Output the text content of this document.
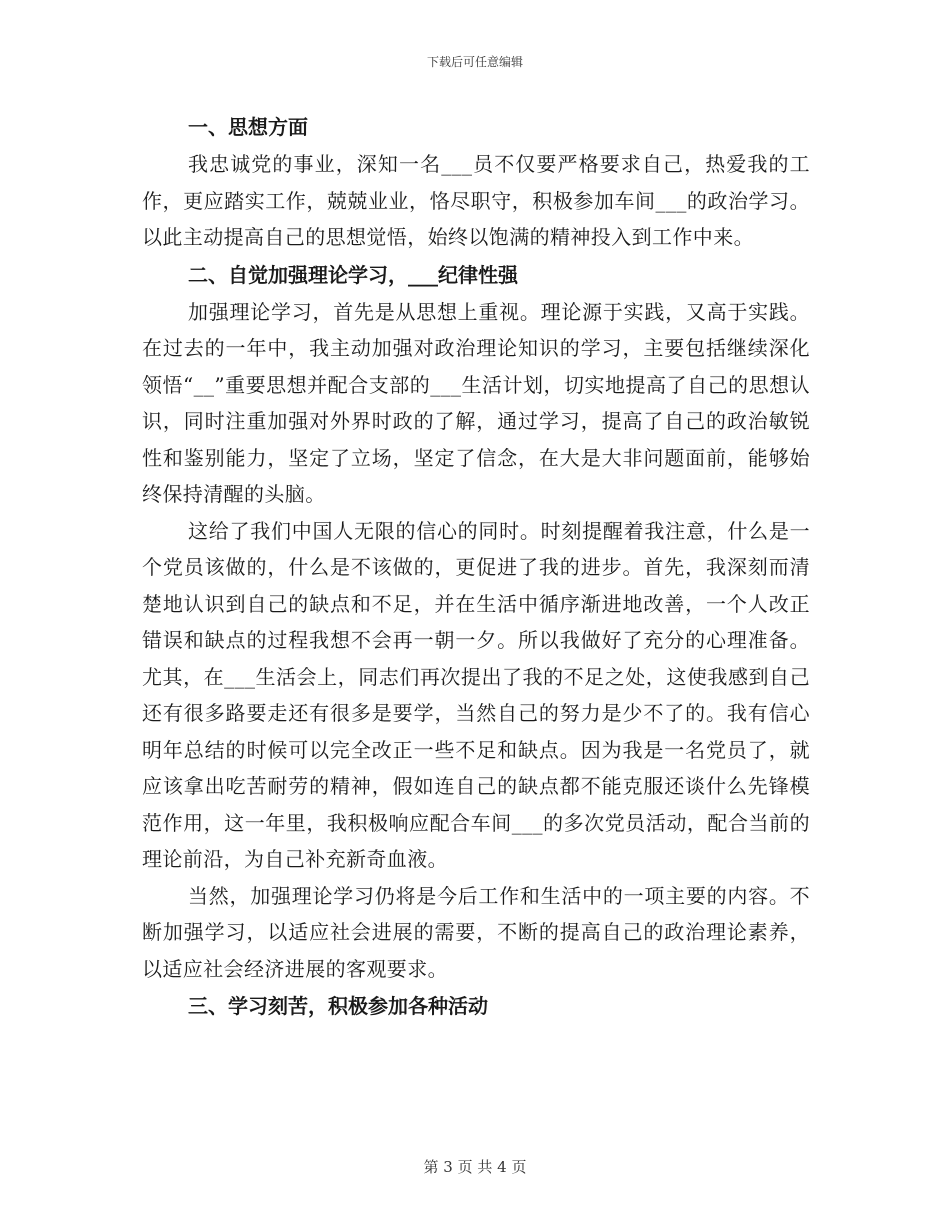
下载后可任意编辑
一、思想方面

我忠诚党的事业，深知一名___员不仅要严格要求自己，热爱我的工作，更应踏实工作，兢兢业业，恪尽职守，积极参加车间___的政治学习。以此主动提高自己的思想觉悟，始终以饱满的精神投入到工作中来。

二、自觉加强理论学习，___纪律性强

加强理论学习，首先是从思想上重视。理论源于实践，又高于实践。在过去的一年中，我主动加强对政治理论知识的学习，主要包括继续深化领悟“__”重要思想并配合支部的___生活计划，切实地提高了自己的思想认识，同时注重加强对外界时政的了解，通过学习，提高了自己的政治敏锐性和鉴别能力，坚定了立场，坚定了信念，在大是大非问题面前，能够始终保持清醒的头脑。

这给了我们中国人无限的信心的同时。时刻提醒着我注意，什么是一个党员该做的，什么是不该做的，更促进了我的进步。首先，我深刻而清楚地认识到自己的缺点和不足，并在生活中循序渐进地改善，一个人改正错误和缺点的过程我想不会再一朝一夕。所以我做好了充分的心理准备。尤其，在___生活会上，同志们再次提出了我的不足之处，这使我感到自己还有很多路要走还有很多是要学，当然自己的努力是少不了的。我有信心明年总结的时候可以完全改正一些不足和缺点。因为我是一名党员了，就应该拿出吃苦耐劳的精神，假如连自己的缺点都不能克服还谈什么先锋模范作用，这一年里，我积极响应配合车间___的多次党员活动，配合当前的理论前沿，为自己补充新奇血液。

当然，加强理论学习仍将是今后工作和生活中的一项主要的内容。不断加强学习，以适应社会进展的需要，不断的提高自己的政治理论素养，以适应社会经济进展的客观要求。

三、学习刻苦，积极参加各种活动
第 3 页 共 4 页
